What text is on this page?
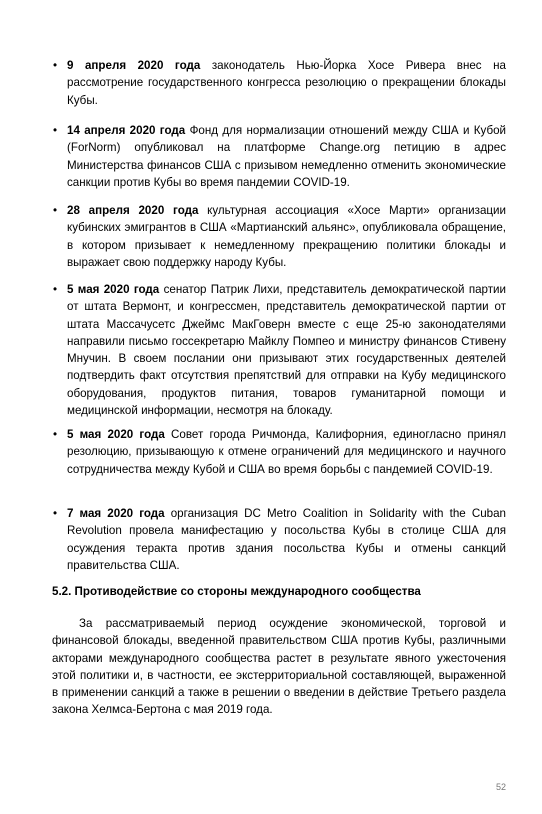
• 9 апреля 2020 года законодатель Нью-Йорка Хосе Ривера внес на рассмотрение государственного конгресса резолюцию о прекращении блокады Кубы.
• 14 апреля 2020 года Фонд для нормализации отношений между США и Кубой (ForNorm) опубликовал на платформе Change.org петицию в адрес Министерства финансов США с призывом немедленно отменить экономические санкции против Кубы во время пандемии COVID-19.
• 28 апреля 2020 года культурная ассоциация «Хосе Марти» организации кубинских эмигрантов в США «Мартианский альянс», опубликовала обращение, в котором призывает к немедленному прекращению политики блокады и выражает свою поддержку народу Кубы.
• 5 мая 2020 года сенатор Патрик Лихи, представитель демократической партии от штата Вермонт, и конгрессмен, представитель демократической партии от штата Массачусетс Джеймс МакГоверн вместе с еще 25-ю законодателями направили письмо госсекретарю Майклу Помпео и министру финансов Стивену Мнучин. В своем послании они призывают этих государственных деятелей подтвердить факт отсутствия препятствий для отправки на Кубу медицинского оборудования, продуктов питания, товаров гуманитарной помощи и медицинской информации, несмотря на блокаду.
• 5 мая 2020 года Совет города Ричмонда, Калифорния, единогласно принял резолюцию, призывающую к отмене ограничений для медицинского и научного сотрудничества между Кубой и США во время борьбы с пандемией COVID-19.
• 7 мая 2020 года организация DC Metro Coalition in Solidarity with the Cuban Revolution провела манифестацию у посольства Кубы в столице США для осуждения теракта против здания посольства Кубы и отмены санкций правительства США.
5.2. Противодействие со стороны международного сообщества
За рассматриваемый период осуждение экономической, торговой и финансовой блокады, введенной правительством США против Кубы, различными акторами международного сообщества растет в результате явного ужесточения этой политики и, в частности, ее экстерриториальной составляющей, выраженной в применении санкций а также в решении о введении в действие Третьего раздела закона Хелмса-Бертона с мая 2019 года.
52
